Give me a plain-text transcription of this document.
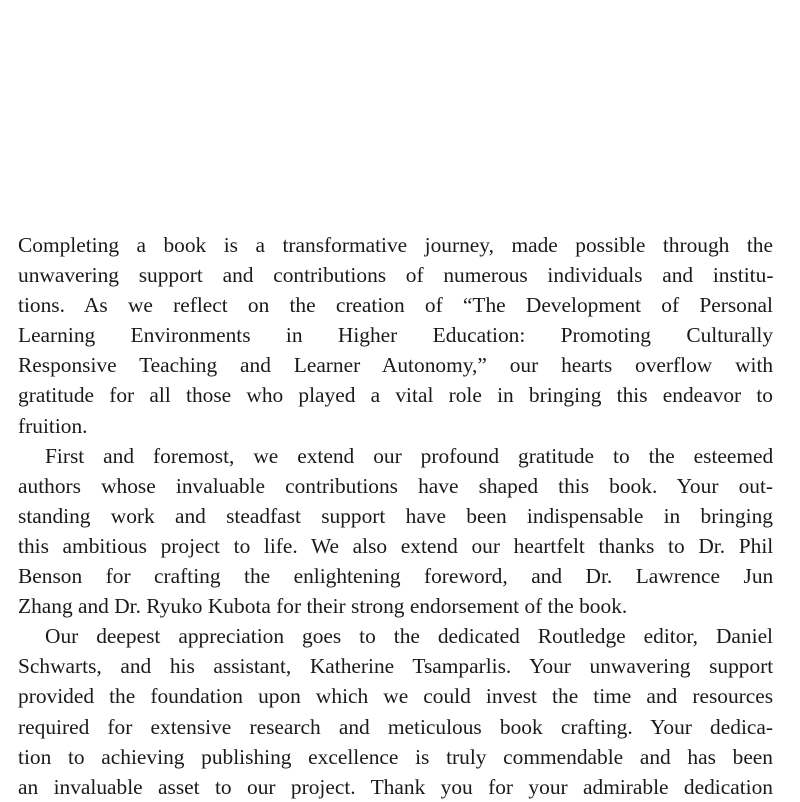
Completing a book is a transformative journey, made possible through the
unwavering support and contributions of numerous individuals and institu-
tions. As we reflect on the creation of “The Development of Personal
Learning Environments in Higher Education: Promoting Culturally
Responsive Teaching and Learner Autonomy,” our hearts overflow with
gratitude for all those who played a vital role in bringing this endeavor to
fruition.
First and foremost, we extend our profound gratitude to the esteemed
authors whose invaluable contributions have shaped this book. Your out-
standing work and steadfast support have been indispensable in bringing
this ambitious project to life. We also extend our heartfelt thanks to Dr. Phil
Benson for crafting the enlightening foreword, and Dr. Lawrence Jun
Zhang and Dr. Ryuko Kubota for their strong endorsement of the book.
Our deepest appreciation goes to the dedicated Routledge editor, Daniel
Schwarts, and his assistant, Katherine Tsamparlis. Your unwavering support
provided the foundation upon which we could invest the time and resources
required for extensive research and meticulous book crafting. Your dedica-
tion to achieving publishing excellence is truly commendable and has been
an invaluable asset to our project. Thank you for your admirable dedication
